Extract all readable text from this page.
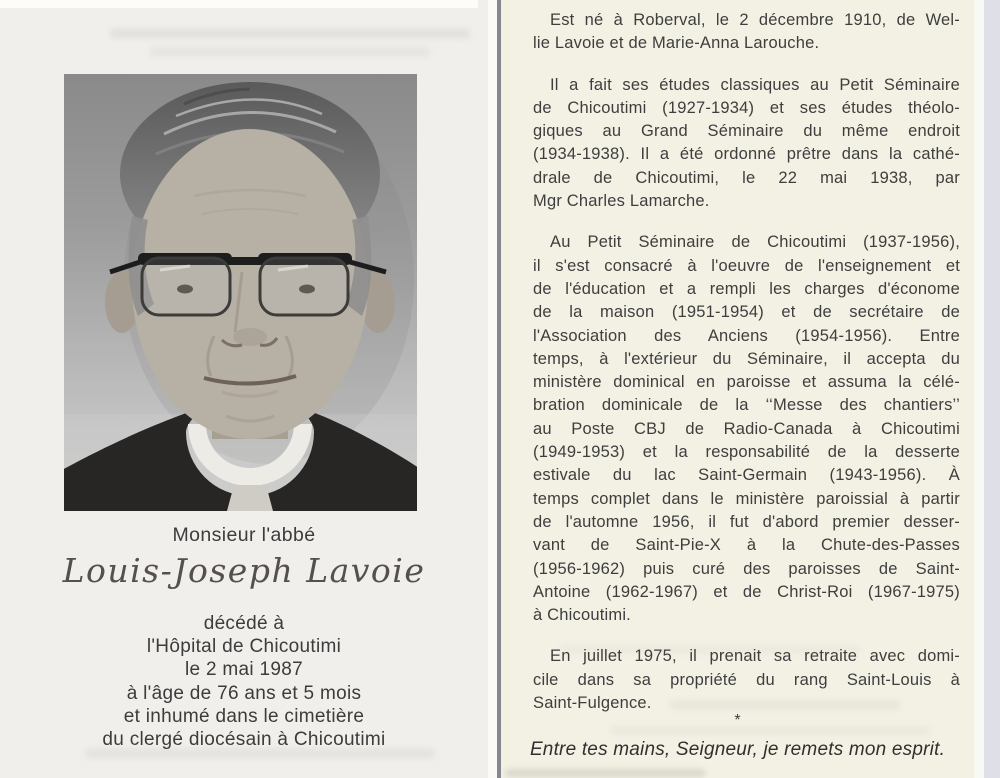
Monsieur l'abbé
Louis-Joseph Lavoie
décédé à
l'Hôpital de Chicoutimi
le 2 mai 1987
à l'âge de 76 ans et 5 mois
et inhumé dans le cimetière
du clergé diocésain à Chicoutimi
Est né à Roberval, le 2 décembre 1910, de Wel-
lie Lavoie et de Marie-Anna Larouche.
Il a fait ses études classiques au Petit Séminaire
de Chicoutimi (1927-1934) et ses études théolo-
giques au Grand Séminaire du même endroit
(1934-1938). Il a été ordonné prêtre dans la cathé-
drale de Chicoutimi, le 22 mai 1938, par
Mgr Charles Lamarche.
Au Petit Séminaire de Chicoutimi (1937-1956),
il s'est consacré à l'oeuvre de l'enseignement et
de l'éducation et a rempli les charges d'économe
de la maison (1951-1954) et de secrétaire de
l'Association des Anciens (1954-1956). Entre
temps, à l'extérieur du Séminaire, il accepta du
ministère dominical en paroisse et assuma la célé-
bration dominicale de la ‘‘Messe des chantiers’’
au Poste CBJ de Radio-Canada à Chicoutimi
(1949-1953) et la responsabilité de la desserte
estivale du lac Saint-Germain (1943-1956). À
temps complet dans le ministère paroissial à partir
de l'automne 1956, il fut d'abord premier desser-
vant de Saint-Pie-X à la Chute-des-Passes
(1956-1962) puis curé des paroisses de Saint-
Antoine (1962-1967) et de Christ-Roi (1967-1975)
à Chicoutimi.
En juillet 1975, il prenait sa retraite avec domi-
cile dans sa propriété du rang Saint-Louis à
Saint-Fulgence.
*
Entre tes mains, Seigneur, je remets mon esprit.
